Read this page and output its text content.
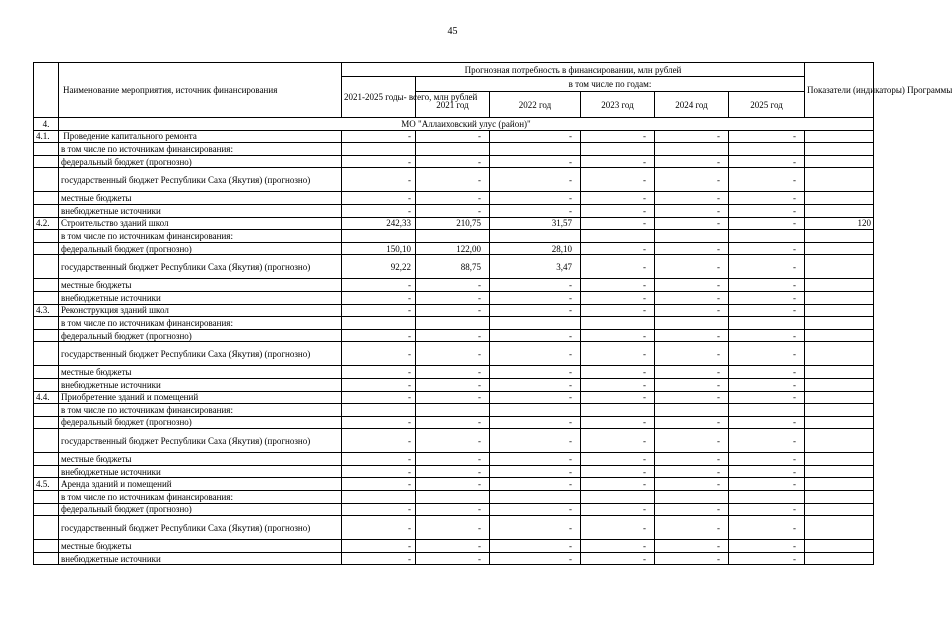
45
	Наименование мероприятия, источник финансирования	Прогнозная потребность в финансировании, млн рублей						Показатели (индикаторы) Программы
		2021-2025 годы- всего, млн рублей	в том числе по годам:					
			2021 год	2022 год	2023 год	2024 год	2025 год	
4.	МО "Аллаиховский улус (район)"							
4.1.	Проведение капитального ремонта	-	-	-	-	-	-	
	в том числе по источникам финансирования:							
	федеральный бюджет (прогнозно)	-	-	-	-	-	-	
	государственный бюджет Республики Саха (Якутия) (прогнозно)	-	-	-	-	-	-	
	местные бюджеты	-	-	-	-	-	-	
	внебюджетные источники	-	-	-	-	-	-	
4.2.	Строительство зданий школ	242,33	210,75	31,57	-	-	-	120
	в том числе по источникам финансирования:							
	федеральный бюджет (прогнозно)	150,10	122,00	28,10	-	-	-	
	государственный бюджет Республики Саха (Якутия) (прогнозно)	92,22	88,75	3,47	-	-	-	
	местные бюджеты	-	-	-	-	-	-	
	внебюджетные источники	-	-	-	-	-	-	
4.3.	Реконструкция зданий школ	-	-	-	-	-	-	
	в том числе по источникам финансирования:							
	федеральный бюджет (прогнозно)	-	-	-	-	-	-	
	государственный бюджет Республики Саха (Якутия) (прогнозно)	-	-	-	-	-	-	
	местные бюджеты	-	-	-	-	-	-	
	внебюджетные источники	-	-	-	-	-	-	
4.4.	Приобретение зданий и помещений	-	-	-	-	-	-	
	в том числе по источникам финансирования:							
	федеральный бюджет (прогнозно)	-	-	-	-	-	-	
	государственный бюджет Республики Саха (Якутия) (прогнозно)	-	-	-	-	-	-	
	местные бюджеты	-	-	-	-	-	-	
	внебюджетные источники	-	-	-	-	-	-	
4.5.	Аренда зданий и помещений	-	-	-	-	-	-	
	в том числе по источникам финансирования:							
	федеральный бюджет (прогнозно)	-	-	-	-	-	-	
	государственный бюджет Республики Саха (Якутия) (прогнозно)	-	-	-	-	-	-	
	местные бюджеты	-	-	-	-	-	-	
	внебюджетные источники	-	-	-	-	-	-	
